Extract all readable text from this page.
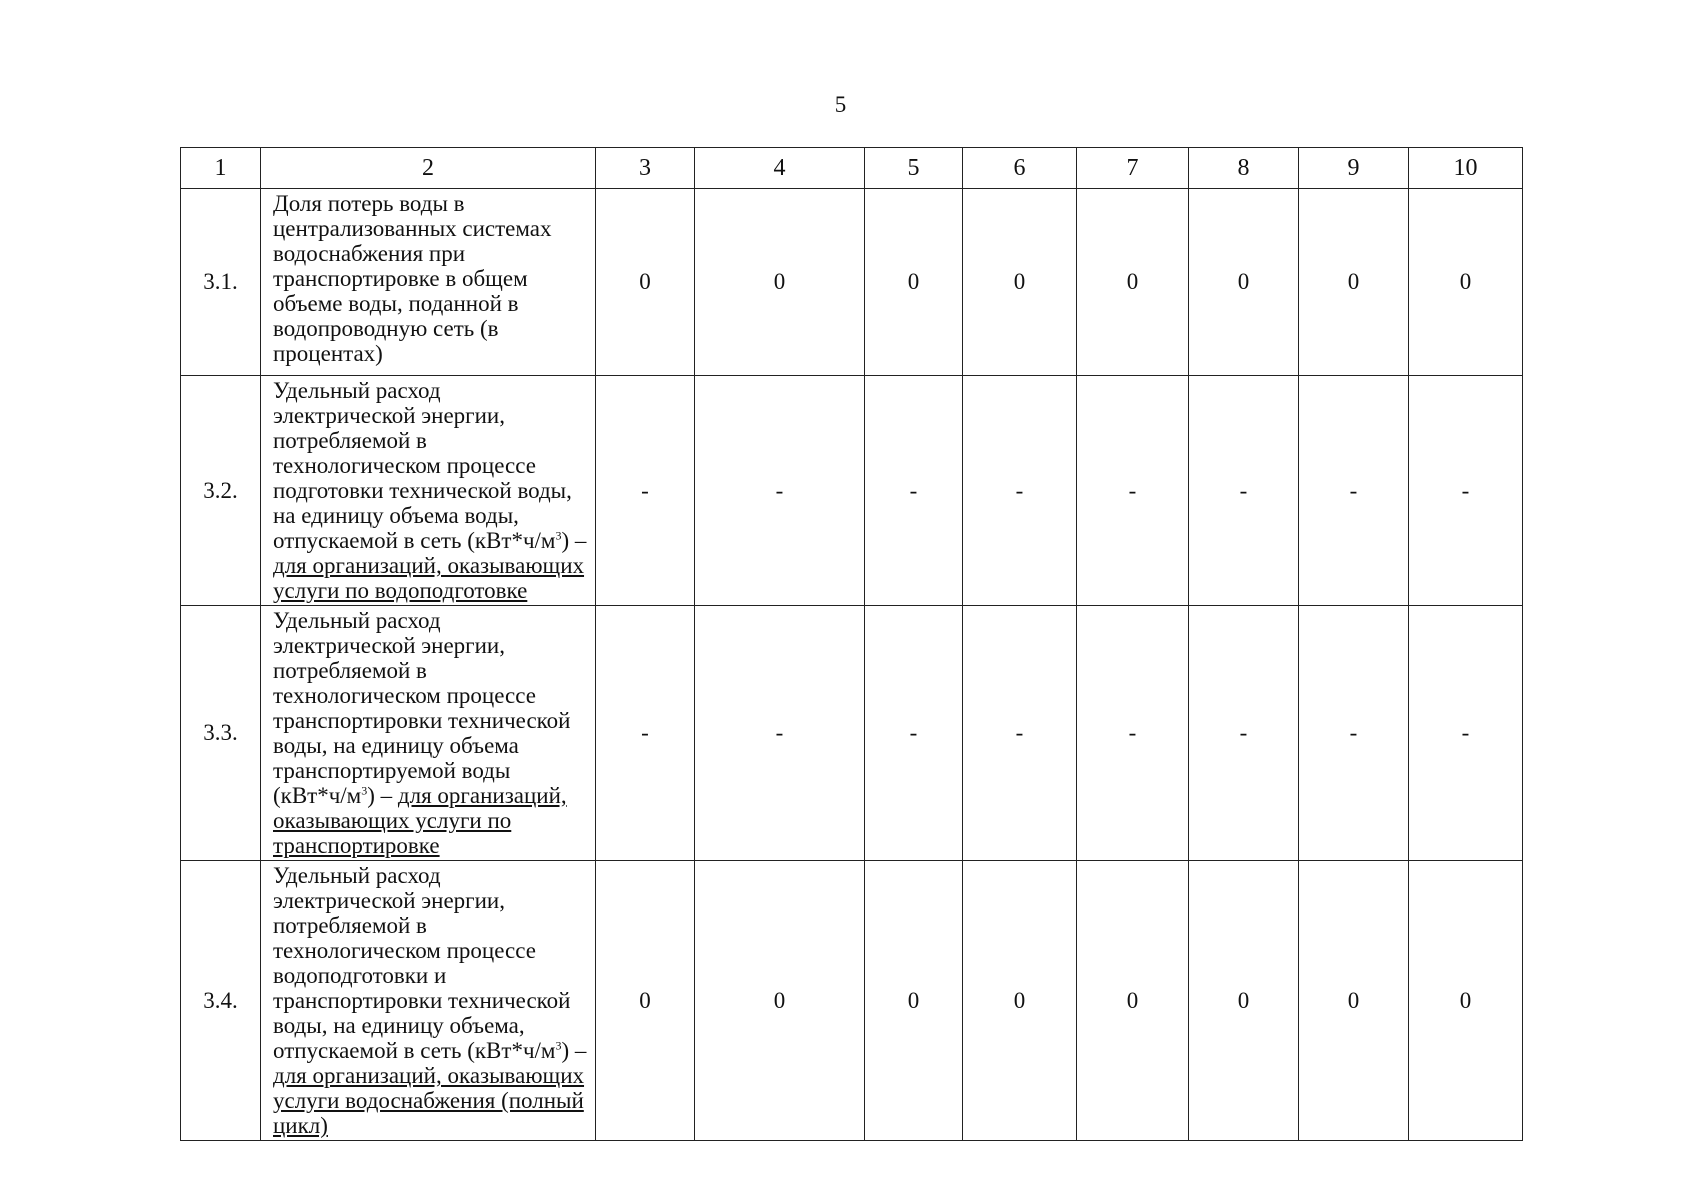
5
1	2	3	4	5	6	7	8	9	10
3.1.	Доля потерь воды в централизованных системах водоснабжения при транспортировке в общем объеме воды, поданной в водопроводную сеть (в процентах)	0	0	0	0	0	0	0	0
3.2.	Удельный расход электрической энергии, потребляемой в технологическом процессе подготовки технической воды, на единицу объема воды, отпускаемой в сеть $(кВт*ч/м^3)$ – для организаций, оказывающих услуги по водоподготовке	-	-	-	-	-	-	-	-
3.3.	Удельный расход электрической энергии, потребляемой в технологическом процессе транспортировки технической воды, на единицу объема транспортируемой воды $(кВт*ч/м^3)$ – для организаций, оказывающих услуги по транспортировке	-	-	-	-	-	-	-	-
3.4.	Удельный расход электрической энергии, потребляемой в технологическом процессе водоподготовки и транспортировки технической воды, на единицу объема, отпускаемой в сеть $(кВт*ч/м^3)$ – для организаций, оказывающих услуги водоснабжения (полный цикл)	0	0	0	0	0	0	0	0
